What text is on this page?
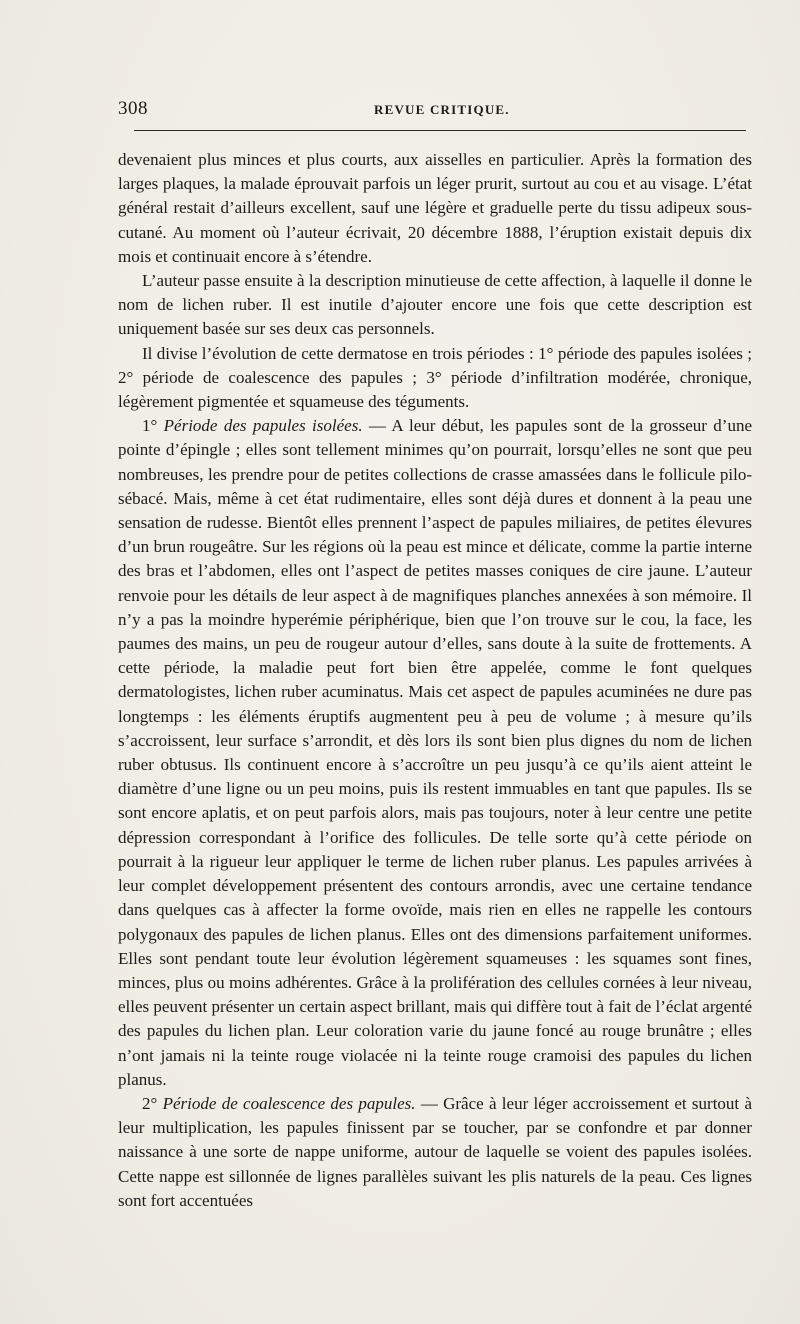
308	REVUE CRITIQUE.

devenaient plus minces et plus courts, aux aisselles en particulier. Après la formation des larges plaques, la malade éprouvait parfois un léger prurit, surtout au cou et au visage. L’état général restait d’ailleurs excellent, sauf une légère et graduelle perte du tissu adipeux sous-cutané. Au moment où l’auteur écrivait, 20 décembre 1888, l’éruption existait depuis dix mois et continuait encore à s’étendre.

L’auteur passe ensuite à la description minutieuse de cette affection, à laquelle il donne le nom de lichen ruber. Il est inutile d’ajouter encore une fois que cette description est uniquement basée sur ses deux cas personnels.

Il divise l’évolution de cette dermatose en trois périodes : 1° période des papules isolées ; 2° période de coalescence des papules ; 3° période d’infiltration modérée, chronique, légèrement pigmentée et squameuse des téguments.

1° Période des papules isolées. — A leur début, les papules sont de la grosseur d’une pointe d’épingle ; elles sont tellement minimes qu’on pourrait, lorsqu’elles ne sont que peu nombreuses, les prendre pour de petites collections de crasse amassées dans le follicule pilo-sébacé. Mais, même à cet état rudimentaire, elles sont déjà dures et donnent à la peau une sensation de rudesse. Bientôt elles prennent l’aspect de papules miliaires, de petites élevures d’un brun rougeâtre. Sur les régions où la peau est mince et délicate, comme la partie interne des bras et l’abdomen, elles ont l’aspect de petites masses coniques de cire jaune. L’auteur renvoie pour les détails de leur aspect à de magnifiques planches annexées à son mémoire. Il n’y a pas la moindre hyperémie périphérique, bien que l’on trouve sur le cou, la face, les paumes des mains, un peu de rougeur autour d’elles, sans doute à la suite de frottements. A cette période, la maladie peut fort bien être appelée, comme le font quelques dermatologistes, lichen ruber acuminatus. Mais cet aspect de papules acuminées ne dure pas longtemps : les éléments éruptifs augmentent peu à peu de volume ; à mesure qu’ils s’accroissent, leur surface s’arrondit, et dès lors ils sont bien plus dignes du nom de lichen ruber obtusus. Ils continuent encore à s’accroître un peu jusqu’à ce qu’ils aient atteint le diamètre d’une ligne ou un peu moins, puis ils restent immuables en tant que papules. Ils se sont encore aplatis, et on peut parfois alors, mais pas toujours, noter à leur centre une petite dépression correspondant à l’orifice des follicules. De telle sorte qu’à cette période on pourrait à la rigueur leur appliquer le terme de lichen ruber planus. Les papules arrivées à leur complet développement présentent des contours arrondis, avec une certaine tendance dans quelques cas à affecter la forme ovoïde, mais rien en elles ne rappelle les contours polygonaux des papules de lichen planus. Elles ont des dimensions parfaitement uniformes. Elles sont pendant toute leur évolution légèrement squameuses : les squames sont fines, minces, plus ou moins adhérentes. Grâce à la prolifération des cellules cornées à leur niveau, elles peuvent présenter un certain aspect brillant, mais qui diffère tout à fait de l’éclat argenté des papules du lichen plan. Leur coloration varie du jaune foncé au rouge brunâtre ; elles n’ont jamais ni la teinte rouge violacée ni la teinte rouge cramoisi des papules du lichen planus.

2° Période de coalescence des papules. — Grâce à leur léger accroissement et surtout à leur multiplication, les papules finissent par se toucher, par se confondre et par donner naissance à une sorte de nappe uniforme, autour de laquelle se voient des papules isolées. Cette nappe est sillonnée de lignes parallèles suivant les plis naturels de la peau. Ces lignes sont fort accentuées
